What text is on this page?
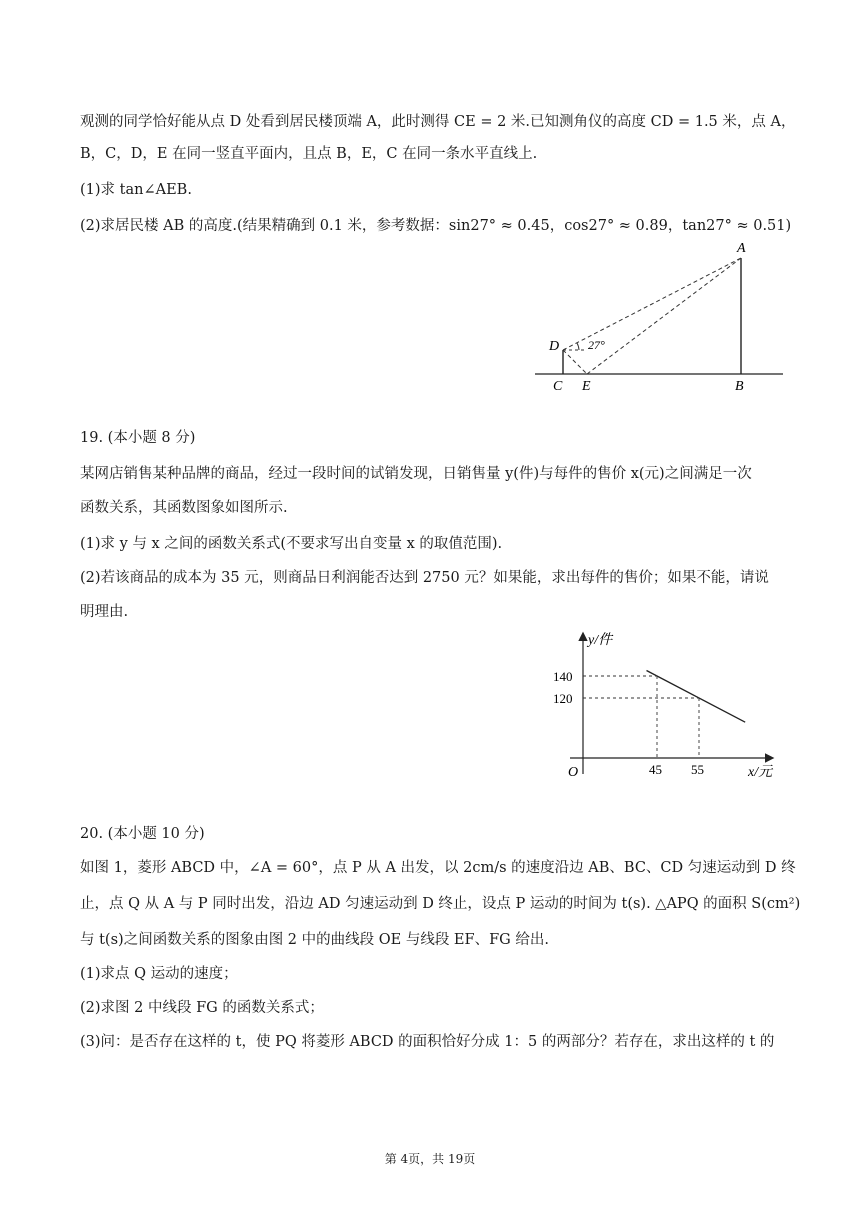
观测的同学恰好能从点 D 处看到居民楼顶端 A，此时测得 CE = 2 米.已知测角仪的高度 CD = 1.5 米，点 A，
B，C，D，E 在同一竖直平面内，且点 B，E，C 在同一条水平直线上.
(1)求 tan∠AEB.
(2)求居民楼 AB 的高度.(结果精确到 0.1 米，参考数据：sin27° ≈ 0.45，cos27° ≈ 0.89，tan27° ≈ 0.51)
A
B
C
D
E
27°
19. (本小题 8 分)
某网店销售某种品牌的商品，经过一段时间的试销发现，日销售量 y(件)与每件的售价 x(元)之间满足一次
函数关系，其函数图象如图所示.
(1)求 y 与 x 之间的函数关系式(不要求写出自变量 x 的取值范围).
(2)若该商品的成本为 35 元，则商品日利润能否达到 2750 元？如果能，求出每件的售价；如果不能，请说
明理由.
y/件
x/元
O	45
140
55
120
20. (本小题 10 分)
如图 1，菱形 ABCD 中，∠A = 60°，点 P 从 A 出发，以 2cm/s 的速度沿边 AB、BC、CD 匀速运动到 D 终
止，点 Q 从 A 与 P 同时出发，沿边 AD 匀速运动到 D 终止，设点 P 运动的时间为 t(s). △APQ 的面积 S(cm²)
与 t(s)之间函数关系的图象由图 2 中的曲线段 OE 与线段 EF、FG 给出.
(1)求点 Q 运动的速度；
(2)求图 2 中线段 FG 的函数关系式；
(3)问：是否存在这样的 t，使 PQ 将菱形 ABCD 的面积恰好分成 1：5 的两部分？若存在，求出这样的 t 的
第 4页，共 19页
